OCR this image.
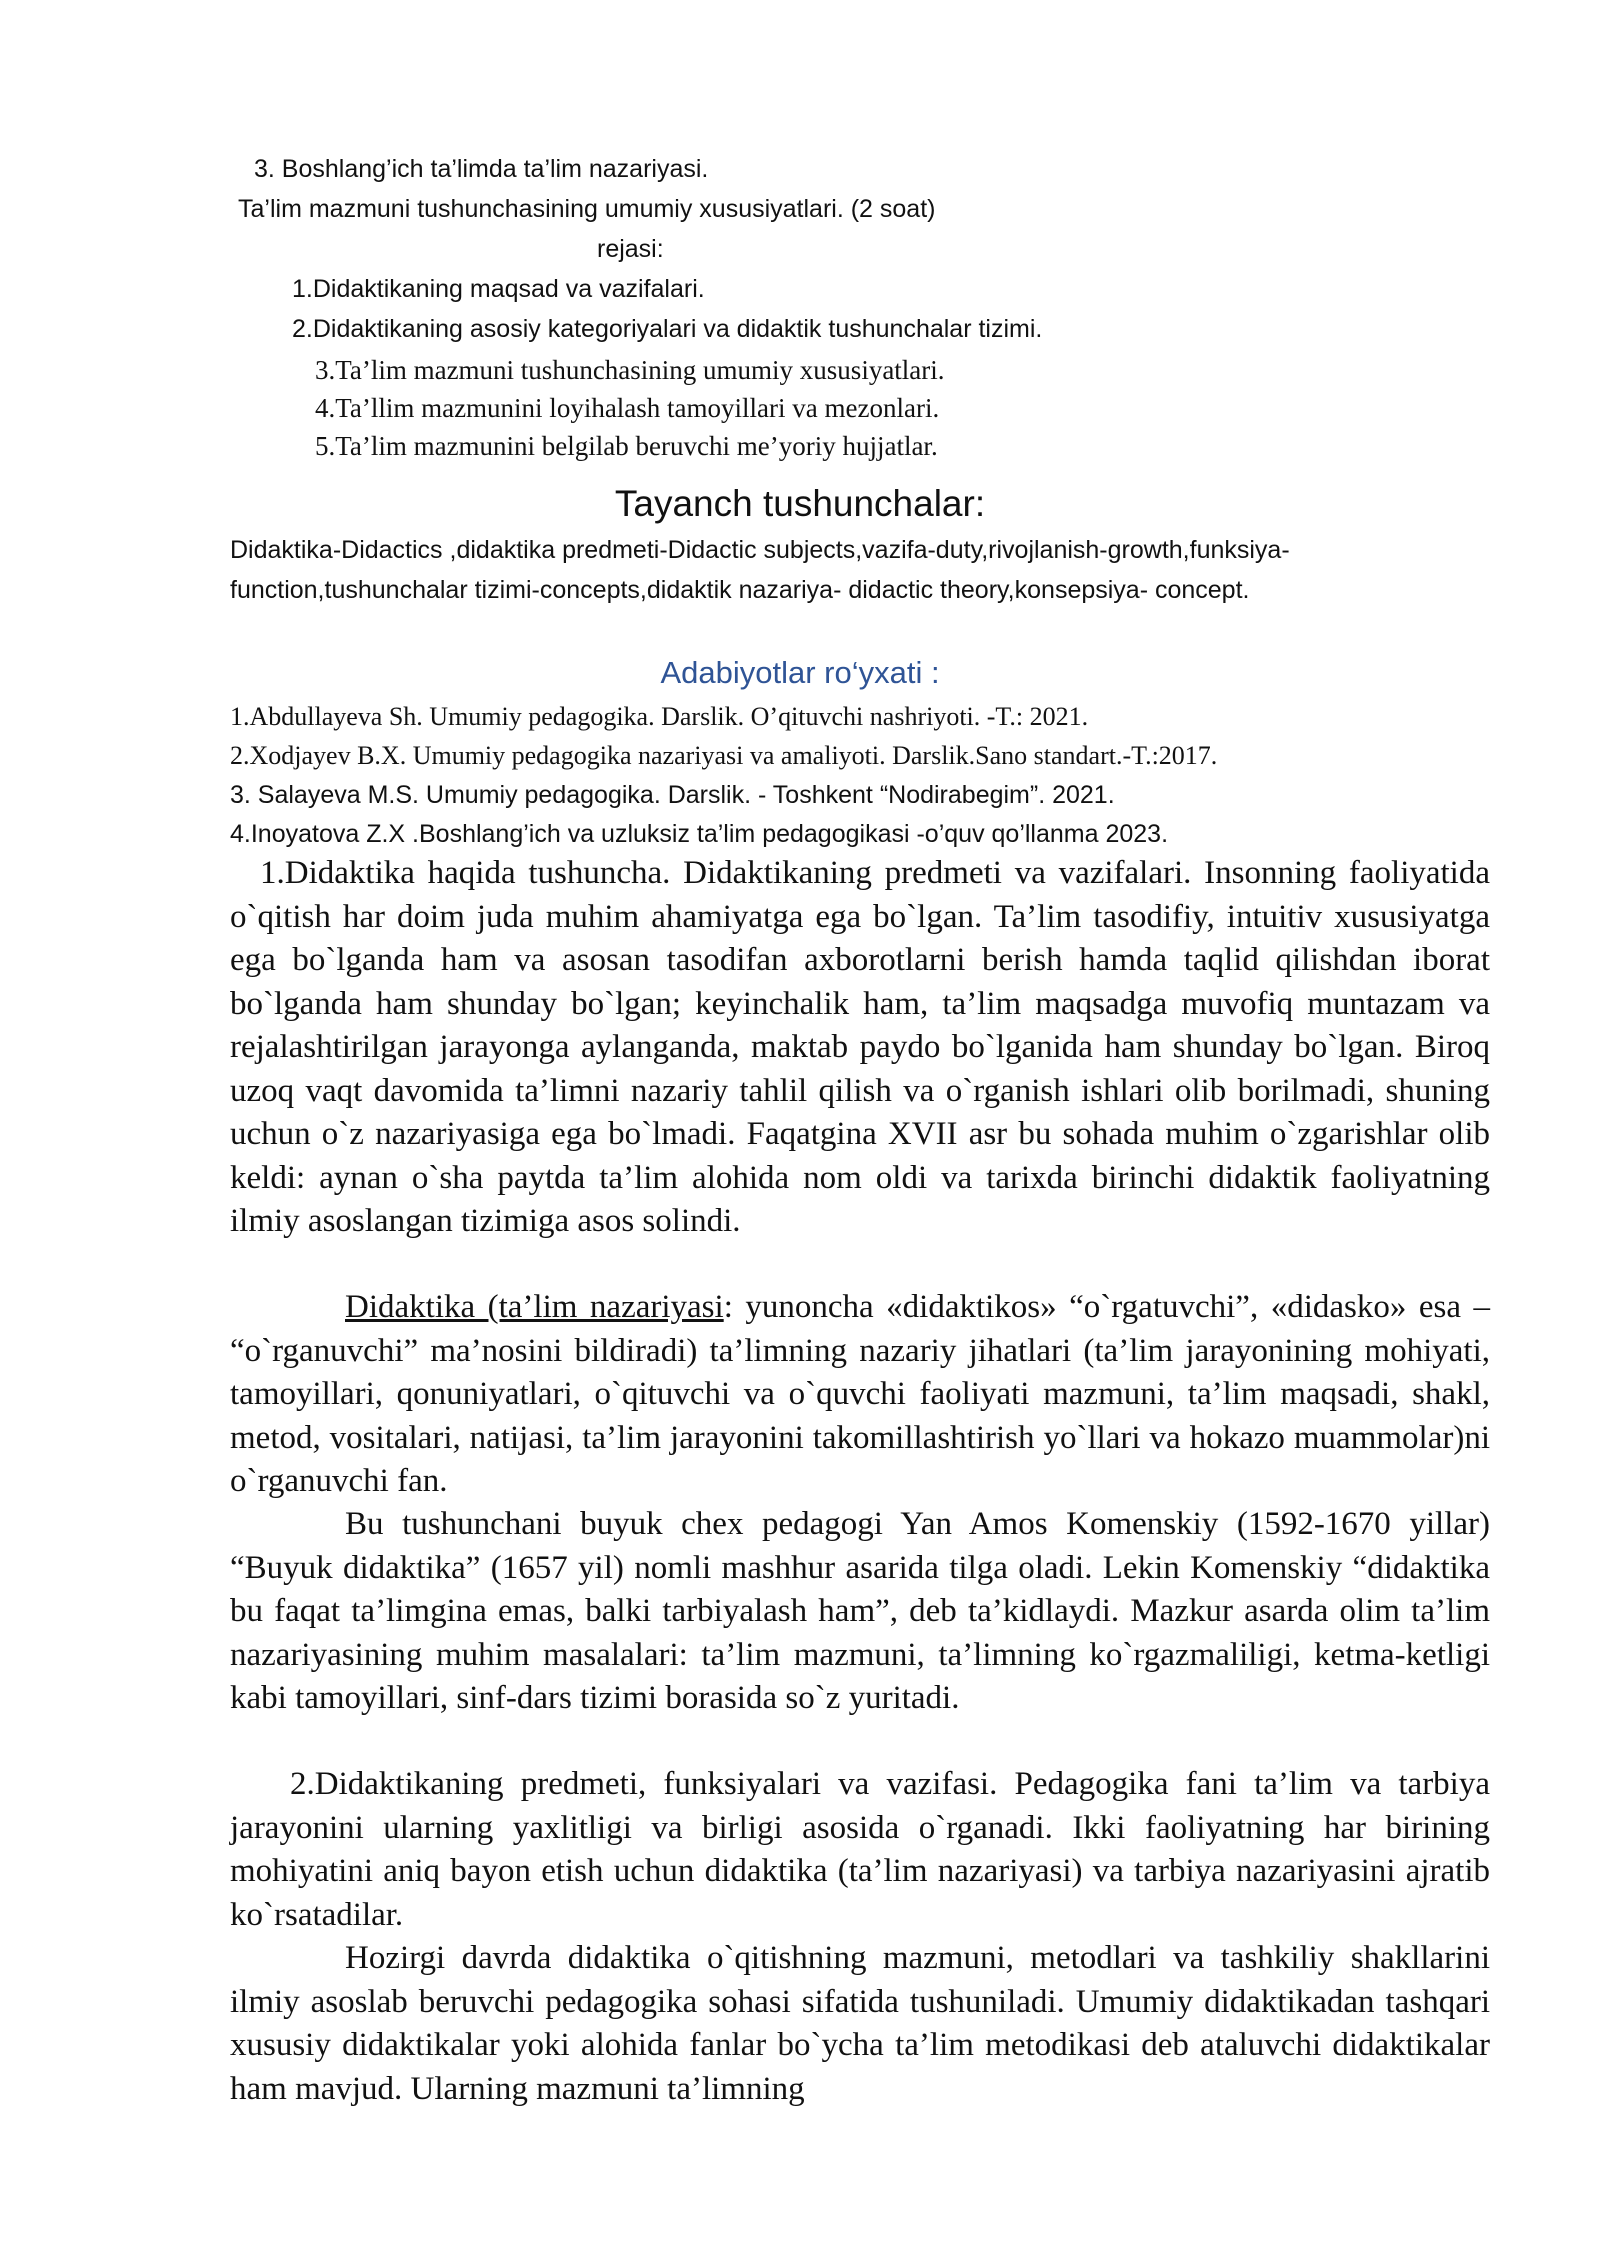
3. Boshlang’ich ta’limda ta’lim nazariyasi.
Ta’lim mazmuni tushunchasining umumiy xususiyatlari. (2 soat)
rejasi:
1.Didaktikaning maqsad va vazifalari.
2.Didaktikaning asosiy kategoriyalari va didaktik tushunchalar tizimi.
3.Ta’lim mazmuni tushunchasining umumiy xususiyatlari.
4.Ta’llim mazmunini loyihalash tamoyillari va mezonlari.
5.Ta’lim mazmunini belgilab beruvchi me’yoriy hujjatlar.
Tayanch tushunchalar:
Didaktika-Didactics ,didaktika predmeti-Didactic subjects,vazifa-duty,rivojlanish-growth,funksiya-function,tushunchalar tizimi-concepts,didaktik nazariya- didactic theory,konsepsiya- concept.
Adabiyotlar ro‘yxati :
1.Abdullayeva Sh. Umumiy pedagogika. Darslik. O’qituvchi nashriyoti. -T.: 2021.
2.Xodjayev B.X. Umumiy pedagogika nazariyasi va amaliyoti. Darslik.Sano standart.-T.:2017.
3. Salayeva M.S. Umumiy pedagogika. Darslik. - Toshkent “Nodirabegim”. 2021.
4.Inoyatova Z.X .Boshlang’ich va uzluksiz ta’lim pedagogikasi -o’quv qo’llanma 2023.

1.Didaktika haqida tushuncha. Didaktikaning predmeti va vazifalari. Insonning faoliyatida o`qitish har doim juda muhim ahamiyatga ega bo`lgan. Ta’lim tasodifiy, intuitiv xususiyatga ega bo`lganda ham va asosan tasodifan axborotlarni berish hamda taqlid qilishdan iborat bo`lganda ham shunday bo`lgan; keyinchalik ham, ta’lim maqsadga muvofiq muntazam va rejalashtirilgan jarayonga aylanganda, maktab paydo bo`lganida ham shunday bo`lgan. Biroq uzoq vaqt davomida ta’limni nazariy tahlil qilish va o`rganish ishlari olib borilmadi, shuning uchun o`z nazariyasiga ega bo`lmadi. Faqatgina XVII asr bu sohada muhim o`zgarishlar olib keldi: aynan o`sha paytda ta’lim alohida nom oldi va tarixda birinchi didaktik faoliyatning ilmiy asoslangan tizimiga asos solindi.

Didaktika (ta’lim nazariyasi: yunoncha «didaktikos» “o`rgatuvchi”, «didasko» esa – “o`rganuvchi” ma’nosini bildiradi) ta’limning nazariy jihatlari (ta’lim jarayonining mohiyati, tamoyillari, qonuniyatlari, o`qituvchi va o`quvchi faoliyati mazmuni, ta’lim maqsadi, shakl, metod, vositalari, natijasi, ta’lim jarayonini takomillashtirish yo`llari va hokazo muammolar)ni o`rganuvchi fan.

Bu tushunchani buyuk chex pedagogi Yan Amos Komenskiy (1592-1670 yillar) “Buyuk didaktika” (1657 yil) nomli mashhur asarida tilga oladi. Lekin Komenskiy “didaktika bu faqat ta’limgina emas, balki tarbiyalash ham”, deb ta’kidlaydi. Mazkur asarda olim ta’lim nazariyasining muhim masalalari: ta’lim mazmuni, ta’limning ko`rgazmaliligi, ketma-ketligi kabi tamoyillari, sinf-dars tizimi borasida so`z yuritadi.

2.Didaktikaning predmeti, funksiyalari va vazifasi. Pedagogika fani ta’lim va tarbiya jarayonini ularning yaxlitligi va birligi asosida o`rganadi. Ikki faoliyatning har birining mohiyatini aniq bayon etish uchun didaktika (ta’lim nazariyasi) va tarbiya nazariyasini ajratib ko`rsatadilar.

Hozirgi davrda didaktika o`qitishning mazmuni, metodlari va tashkiliy shakllarini ilmiy asoslab beruvchi pedagogika sohasi sifatida tushuniladi. Umumiy didaktikadan tashqari xususiy didaktikalar yoki alohida fanlar bo`ycha ta’lim metodikasi deb ataluvchi didaktikalar ham mavjud. Ularning mazmuni ta’limning
